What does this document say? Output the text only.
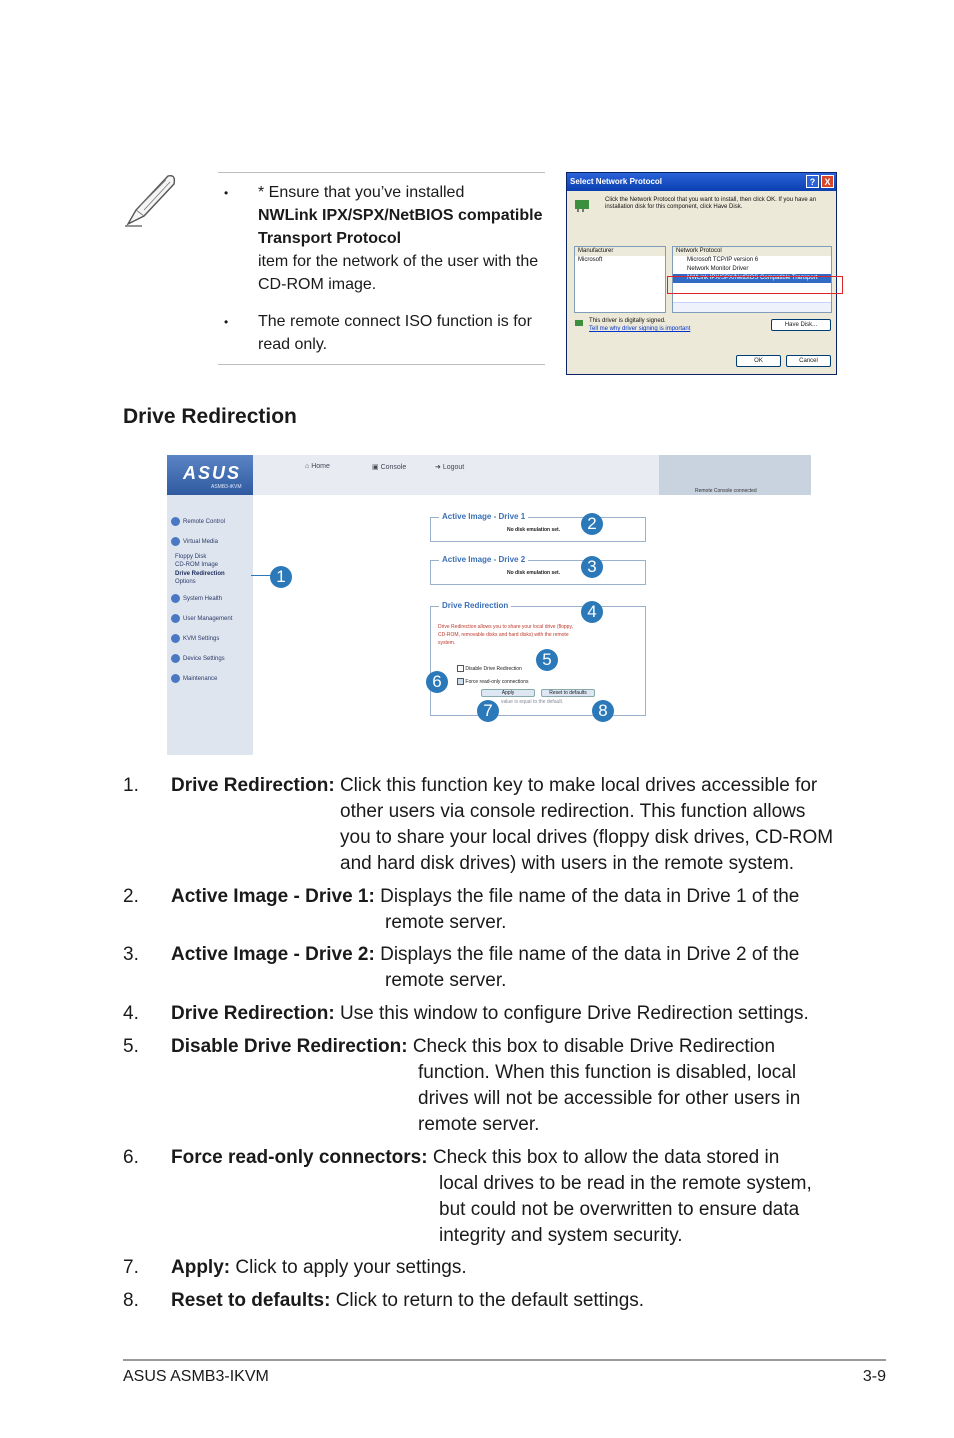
• * Ensure that you’ve installed
NWLink IPX/SPX/NetBIOS compatible Transport Protocol
item for the network of the user with the CD-ROM image.
• The remote connect ISO function is for read only.
Select Network Protocol	?	X
Click the Network Protocol that you want to install, then click OK. If you have an installation disk for this component, click Have Disk.
Manufacturer
Microsoft
Network Protocol
Microsoft TCP/IP version 6
Network Monitor Driver
NWLink IPX/SPX/NetBIOS Compatible Transport
This driver is digitally signed.
Tell me why driver signing is important
Have Disk...
OK	Cancel
Drive Redirection
ASUS
ASMB3-iKVM
⌂ Home	▣ Console	➜ Logout
Remote Console connected
Remote Control
Virtual Media
Floppy Disk
CD-ROM Image
Drive Redirection
Options
System Health
User Management
KVM Settings
Device Settings
Maintenance
Active Image - Drive 1
No disk emulation set.
Active Image - Drive 2
No disk emulation set.
Drive Redirection
Drive Redirection allows you to share your local drive (floppy, CD-ROM, removable disks and hard disks) with the remote system.
Disable Drive Redirection
Force read-only connections
Apply	Reset to defaults
value is equal to the default.
1
2
3
4
5
6
7	8
1. Drive Redirection: Click this function key to make local drives accessible for
other users via console redirection. This function allows
you to share your local drives (floppy disk drives, CD-ROM
and hard disk drives) with users in the remote system.
2. Active Image - Drive 1: Displays the file name of the data in Drive 1 of the
remote server.
3. Active Image - Drive 2: Displays the file name of the data in Drive 2 of the
remote server.
4. Drive Redirection: Use this window to configure Drive Redirection settings.
5. Disable Drive Redirection: Check this box to disable Drive Redirection
function. When this function is disabled, local
drives will not be accessible for other users in
remote server.
6. Force read-only connectors: Check this box to allow the data stored in
local drives to be read in the remote system,
but could not be overwritten to ensure data
integrity and system security.
7. Apply: Click to apply your settings.
8. Reset to defaults: Click to return to the default settings.
ASUS ASMB3-IKVM	3-9
